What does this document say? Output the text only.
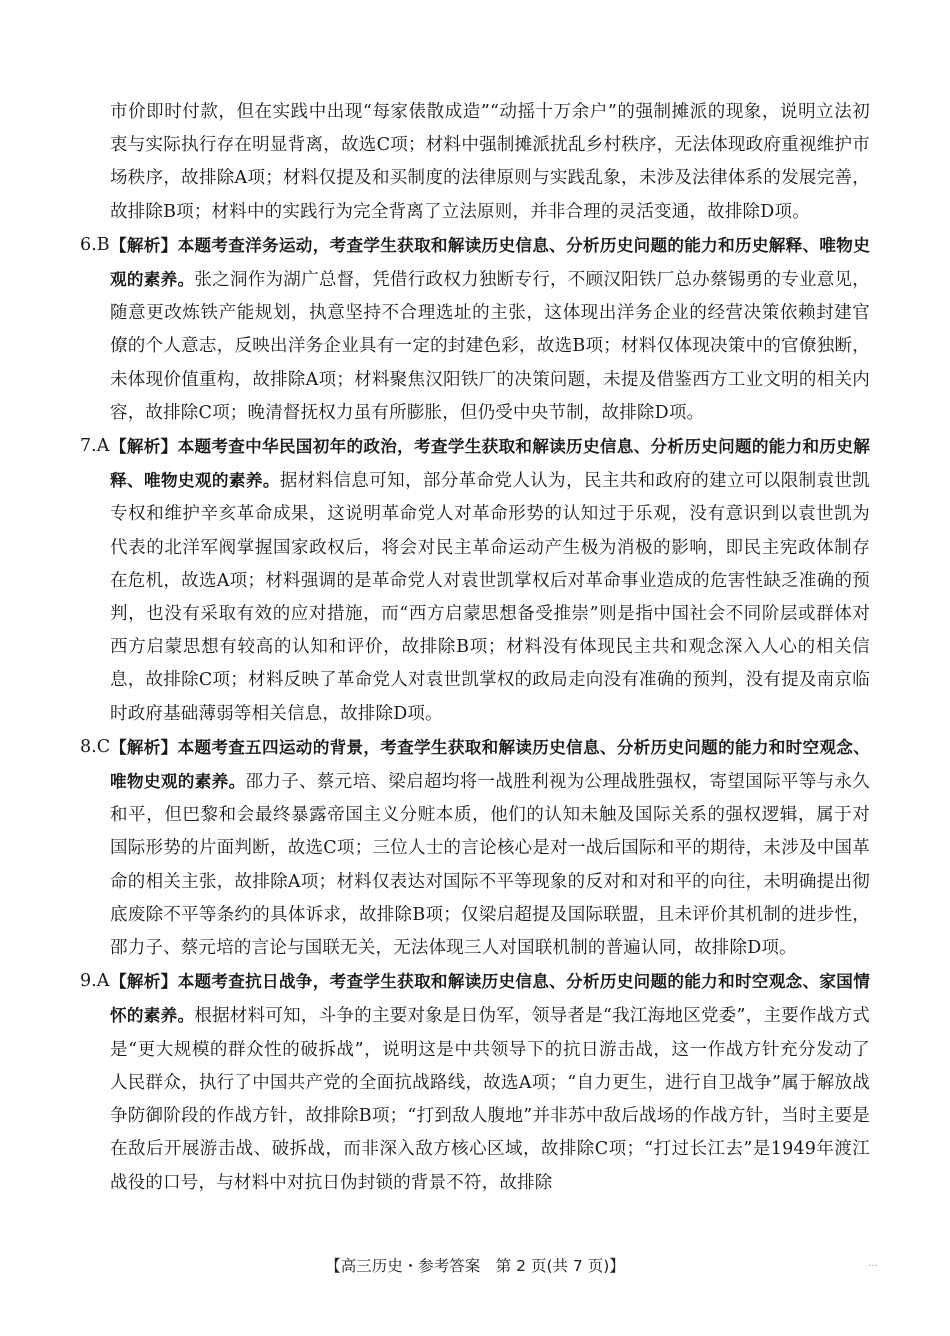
市价即时付款，但在实践中出现“每家俵散成造”“动摇十万余户”的强制摊派的现象，说明立法初衷与实际执行存在明显背离，故选C项；材料中强制摊派扰乱乡村秩序，无法体现政府重视维护市场秩序，故排除A项；材料仅提及和买制度的法律原则与实践乱象，未涉及法律体系的发展完善，故排除B项；材料中的实践行为完全背离了立法原则，并非合理的灵活变通，故排除D项。

6.B 【解析】本题考查洋务运动，考查学生获取和解读历史信息、分析历史问题的能力和历史解释、唯物史观的素养。张之洞作为湖广总督，凭借行政权力独断专行，不顾汉阳铁厂总办蔡锡勇的专业意见，随意更改炼铁产能规划，执意坚持不合理选址的主张，这体现出洋务企业的经营决策依赖封建官僚的个人意志，反映出洋务企业具有一定的封建色彩，故选B项；材料仅体现决策中的官僚独断，未体现价值重构，故排除A项；材料聚焦汉阳铁厂的决策问题，未提及借鉴西方工业文明的相关内容，故排除C项；晚清督抚权力虽有所膨胀，但仍受中央节制，故排除D项。

7.A 【解析】本题考查中华民国初年的政治，考查学生获取和解读历史信息、分析历史问题的能力和历史解释、唯物史观的素养。据材料信息可知，部分革命党人认为，民主共和政府的建立可以限制袁世凯专权和维护辛亥革命成果，这说明革命党人对革命形势的认知过于乐观，没有意识到以袁世凯为代表的北洋军阀掌握国家政权后，将会对民主革命运动产生极为消极的影响，即民主宪政体制存在危机，故选A项；材料强调的是革命党人对袁世凯掌权后对革命事业造成的危害性缺乏准确的预判，也没有采取有效的应对措施，而“西方启蒙思想备受推崇”则是指中国社会不同阶层或群体对西方启蒙思想有较高的认知和评价，故排除B项；材料没有体现民主共和观念深入人心的相关信息，故排除C项；材料反映了革命党人对袁世凯掌权的政局走向没有准确的预判，没有提及南京临时政府基础薄弱等相关信息，故排除D项。

8.C 【解析】本题考查五四运动的背景，考查学生获取和解读历史信息、分析历史问题的能力和时空观念、唯物史观的素养。邵力子、蔡元培、梁启超均将一战胜利视为公理战胜强权，寄望国际平等与永久和平，但巴黎和会最终暴露帝国主义分赃本质，他们的认知未触及国际关系的强权逻辑，属于对国际形势的片面判断，故选C项；三位人士的言论核心是对一战后国际和平的期待，未涉及中国革命的相关主张，故排除A项；材料仅表达对国际不平等现象的反对和对和平的向往，未明确提出彻底废除不平等条约的具体诉求，故排除B项；仅梁启超提及国际联盟，且未评价其机制的进步性，邵力子、蔡元培的言论与国联无关，无法体现三人对国联机制的普遍认同，故排除D项。

9.A 【解析】本题考查抗日战争，考查学生获取和解读历史信息、分析历史问题的能力和时空观念、家国情怀的素养。根据材料可知，斗争的主要对象是日伪军，领导者是“我江海地区党委”，主要作战方式是“更大规模的群众性的破拆战”，说明这是中共领导下的抗日游击战，这一作战方针充分发动了人民群众，执行了中国共产党的全面抗战路线，故选A项；“自力更生，进行自卫战争”属于解放战争防御阶段的作战方针，故排除B项；“打到敌人腹地”并非苏中敌后战场的作战方针，当时主要是在敌后开展游击战、破拆战，而非深入敌方核心区域，故排除C项；“打过长江去”是1949年渡江战役的口号，与材料中对抗日伪封锁的背景不符，故排除

【高三历史・参考答案　第 2 页(共 7 页)】	…
